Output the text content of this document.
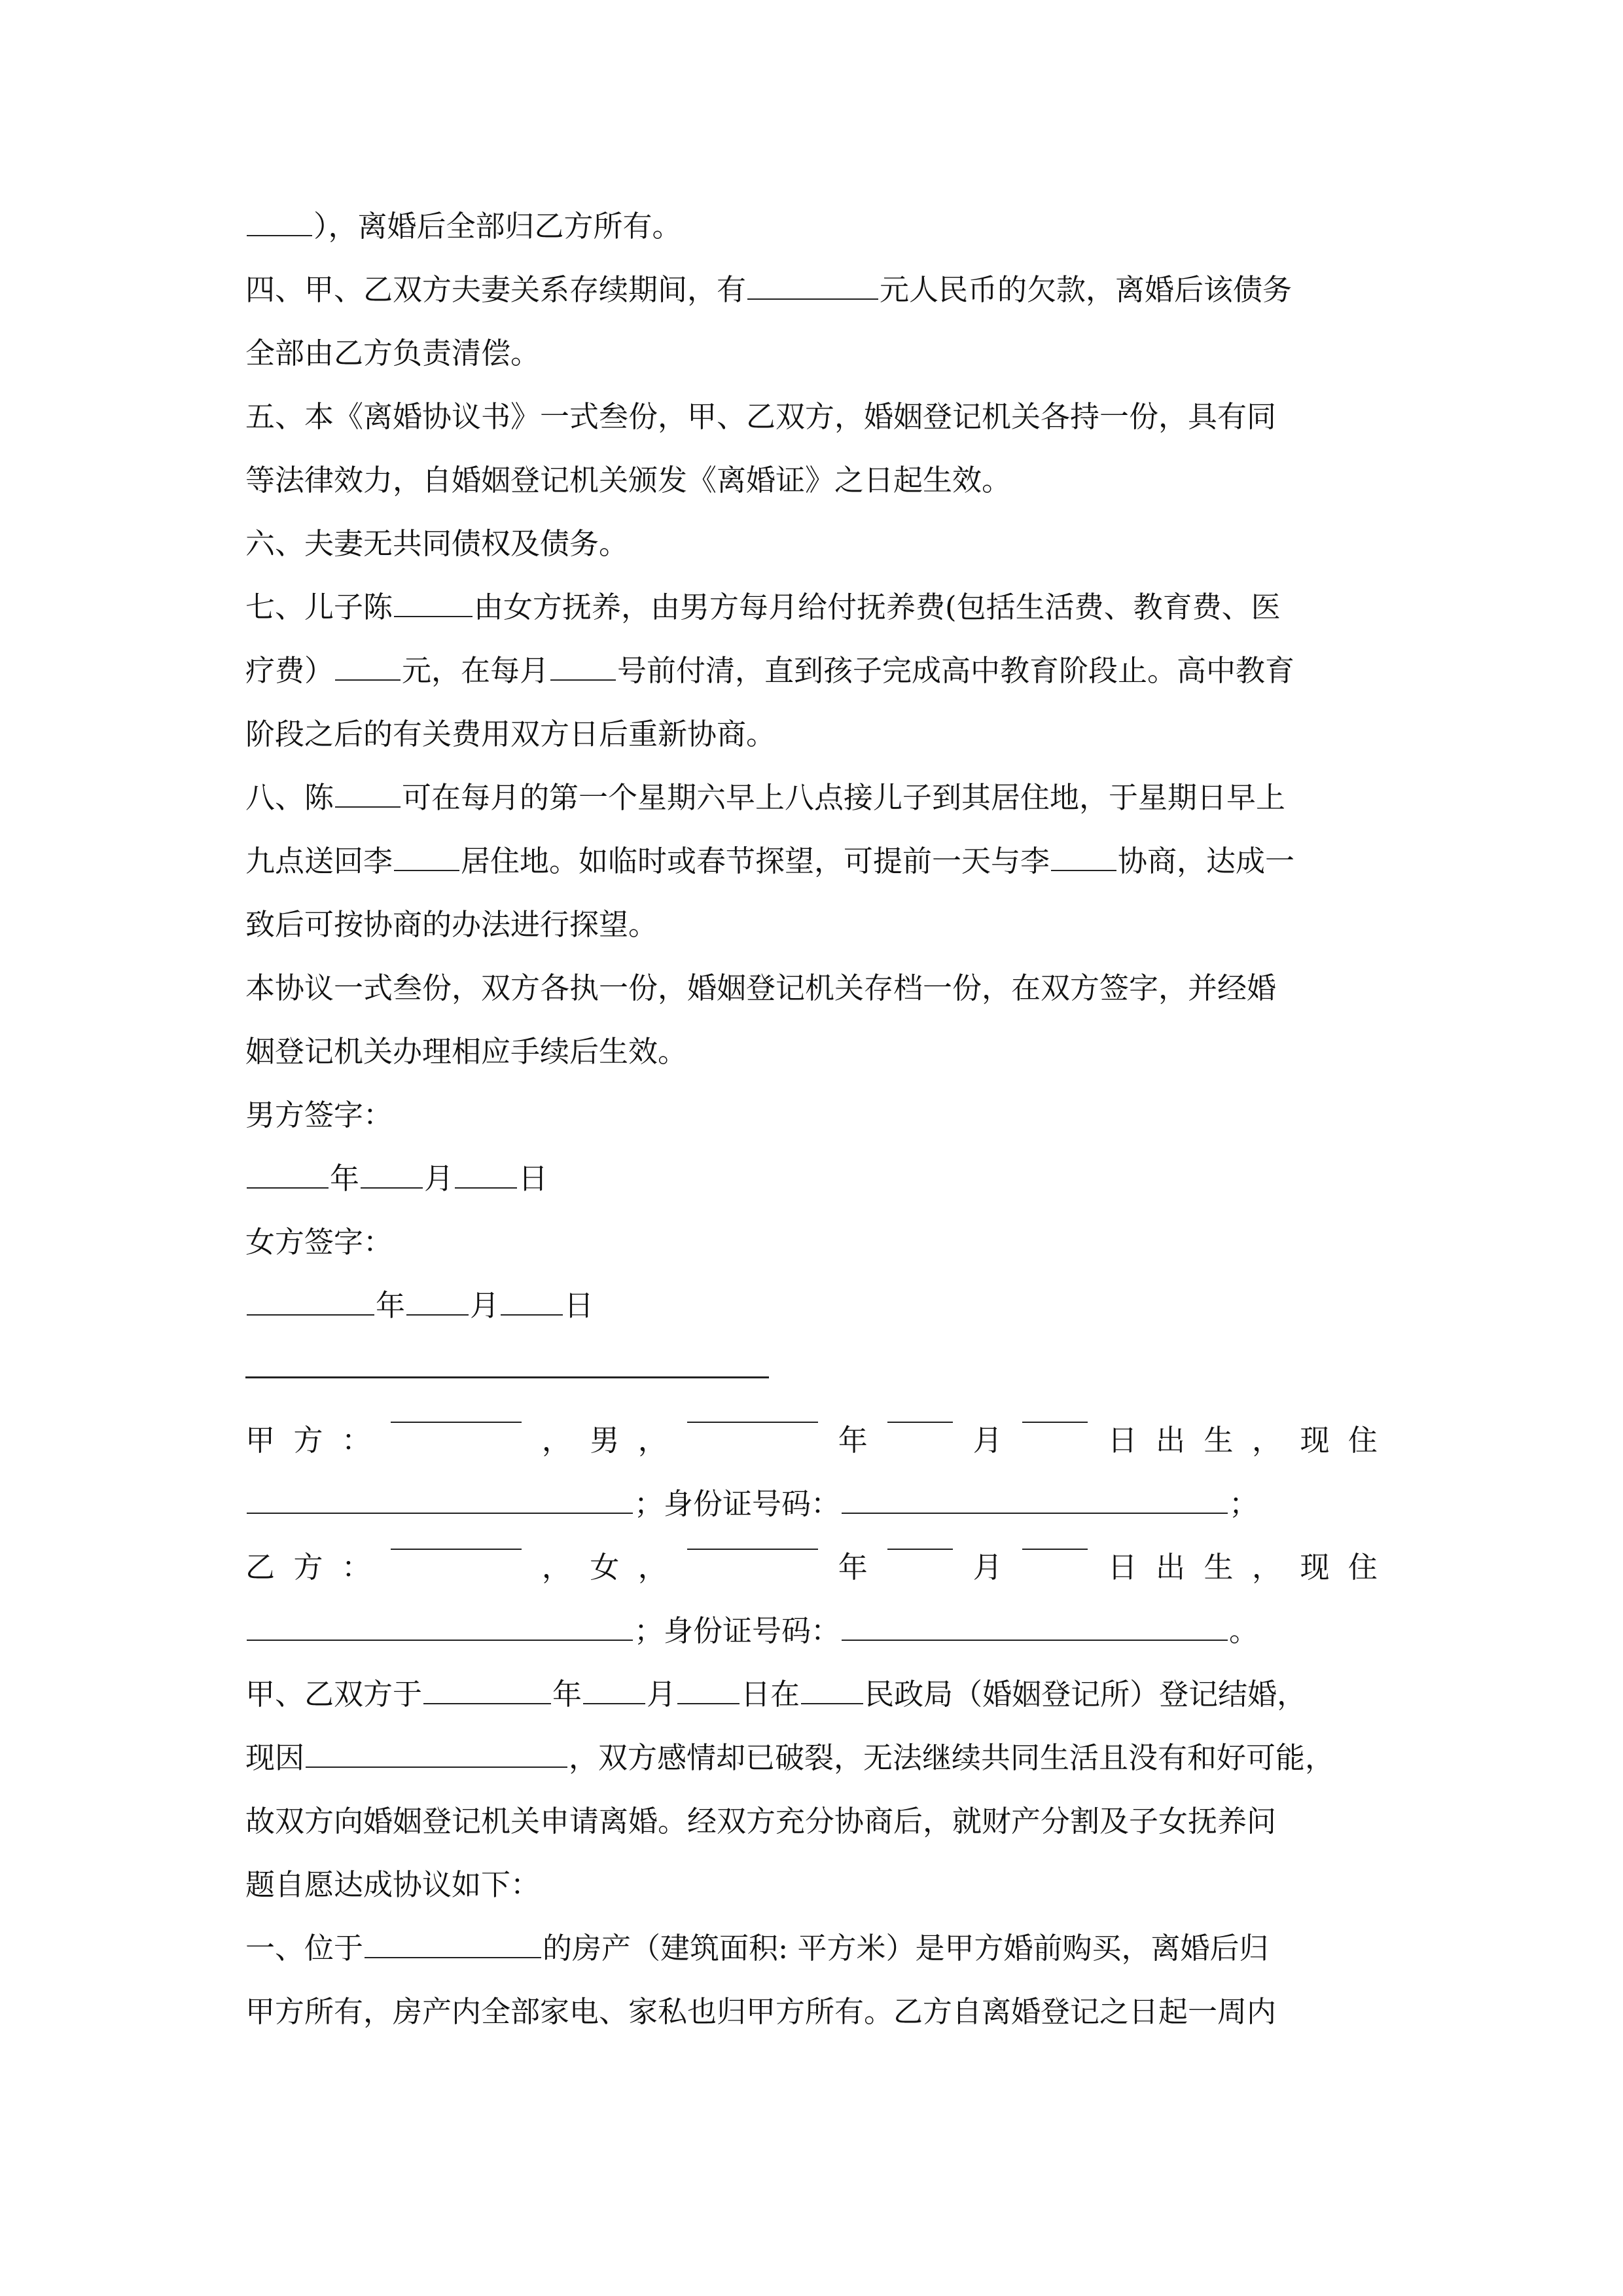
），离婚后全部归乙方所有。
四、甲、乙双方夫妻关系存续期间，有	元人民币的欠款，离婚后该债务
全部由乙方负责清偿。
五、本《离婚协议书》一式叁份，甲、乙双方，婚姻登记机关各持一份，具有同
等法律效力，自婚姻登记机关颁发《离婚证》之日起生效。
六、夫妻无共同债权及债务。
七、儿子陈	由女方抚养，由男方每月给付抚养费(包括生活费、教育费、医
疗费） 元，在每月 号前付清，直到孩子完成高中教育阶段止。高中教育
阶段之后的有关费用双方日后重新协商。
八、陈 可在每月的第一个星期六早上八点接儿子到其居住地，于星期日早上
九点送回李 居住地。如临时或春节探望，可提前一天与李 协商，达成一
致后可按协商的办法进行探望。
本协议一式叁份，双方各执一份，婚姻登记机关存档一份，在双方签字，并经婚
姻登记机关办理相应手续后生效。
男方签字：
年 月 日
女方签字：
年 月 日
甲 方 ：	， 男 ，	年	月	日 出 生 ， 现 住
；身份证号码：	；
乙 方 ：	， 女 ，	年	月	日 出 生 ， 现 住
；身份证号码：	。
甲、乙双方于	年 月 日在 民政局（婚姻登记所）登记结婚，
现因	，双方感情却已破裂，无法继续共同生活且没有和好可能，
故双方向婚姻登记机关申请离婚。经双方充分协商后，就财产分割及子女抚养问
题自愿达成协议如下：
一、位于	的房产（建筑面积: 平方米）是甲方婚前购买，离婚后归
甲方所有，房产内全部家电、家私也归甲方所有。乙方自离婚登记之日起一周内
